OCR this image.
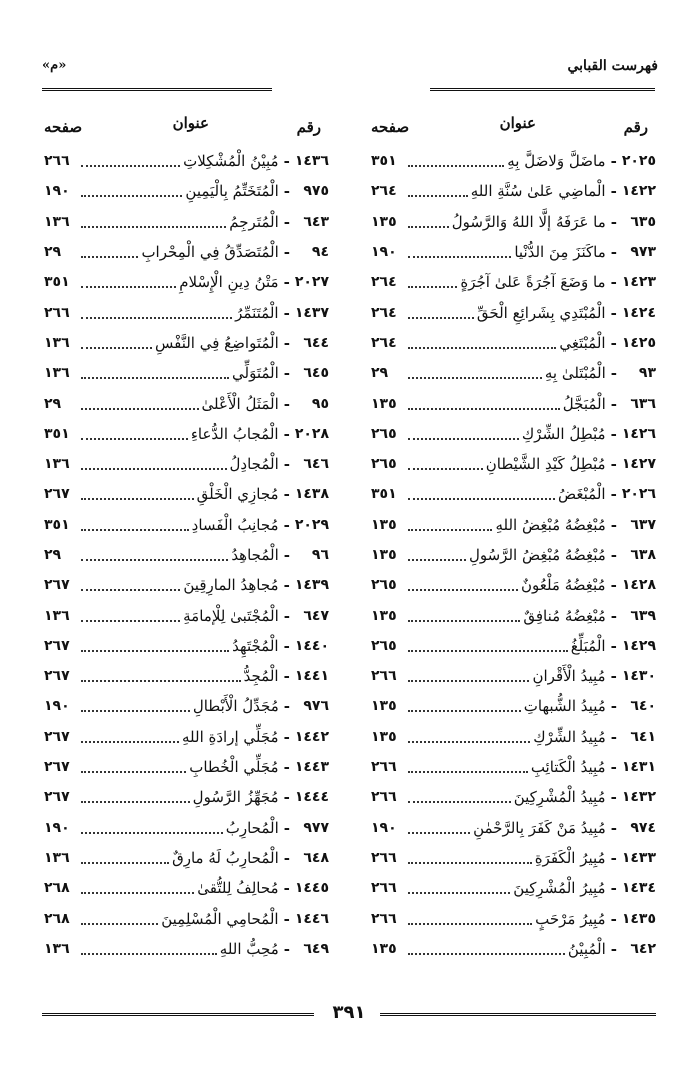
فهرست القبابي
«م»
رقم
عنوان
صفحه
٢٠٢٥
-
ماضَلَّ وَلاضَلَّ بِهِ
٣٥١
١٤٢٢
-
الْماضِي عَلىٰ سُنَّةِ اللهِ
٢٦٤
٦٣٥
-
ما عَرَفَهُ إلَّا اللهُ وَالرَّسُولُ
١٣٥
٩٧٣
-
ماكَنَزَ مِنَ الدُّنْيا
١٩٠
١٤٢٣
-
ما وَضَعَ آجُرَةً عَلىٰ آجُرَةٍ
٢٦٤
١٤٢٤
-
الْمُبْتَدِي بِشَرائِعِ الْحَقِّ
٢٦٤
١٤٢٥
-
الْمُبْتَغِي
٢٦٤
٩٣
-
الْمُبْتَلىٰ بِهِ
٢٩
٦٣٦
-
الْمُبَجَّلُ
١٣٥
١٤٢٦
-
مُبْطِلُ الشِّرْكِ
٢٦٥
١٤٢٧
-
مُبْطِلُ كَيْدِ الشَّيْطانِ
٢٦٥
٢٠٢٦
-
الْمُبْغَضُ
٣٥١
٦٣٧
-
مُبْغِضُهُ مُبْغِضُ اللهِ
١٣٥
٦٣٨
-
مُبْغِضُهُ مُبْغِضُ الرَّسُولِ
١٣٥
١٤٢٨
-
مُبْغِضُهُ مَلْعُونٌ
٢٦٥
٦٣٩
-
مُبْغِضُهُ مُنافِقٌ
١٣٥
١٤٢٩
-
الْمُبَلِّغُ
٢٦٥
١٤٣٠
-
مُبِيدُ الْأَقْرانِ
٢٦٦
٦٤٠
-
مُبِيدُ الشُّبهاتِ
١٣٥
٦٤١
-
مُبِيدُ الشِّرْكِ
١٣٥
١٤٣١
-
مُبِيدُ الْكَتائِبِ
٢٦٦
١٤٣٢
-
مُبِيدُ الْمُشْرِكِينَ
٢٦٦
٩٧٤
-
مُبِيدُ مَنْ كَفَرَ بِالرَّحْمٰنِ
١٩٠
١٤٣٣
-
مُبِيرُ الْكَفَرَةِ
٢٦٦
١٤٣٤
-
مُبِيرُ الْمُشْرِكِينَ
٢٦٦
١٤٣٥
-
مُبِيرُ مَرْحَبٍ
٢٦٦
٦٤٢
-
الْمُبِيْنُ
١٣٥
رقم
عنوان
صفحه
١٤٣٦
-
مُبِيْنُ الْمُشْكِلاتِ
٢٦٦
٩٧٥
-
الْمُتَخَتِّمُ بِالْيَمِينِ
١٩٠
٦٤٣
-
الْمُتَرجِمُ
١٣٦
٩٤
-
الْمُتَصَدِّقُ فِي الْمِحْرابِ
٢٩
٢٠٢٧
-
مَتْنُ دِينِ الْإِسْلامِ
٣٥١
١٤٣٧
-
الْمُتَنَمِّرُ
٢٦٦
٦٤٤
-
الْمُتَواضِعُ فِي النَّفْسِ
١٣٦
٦٤٥
-
الْمُتَوَلِّي
١٣٦
٩٥
-
الْمَثَلُ الْأَعْلىٰ
٢٩
٢٠٢٨
-
الْمُجابُ الدُّعاءِ
٣٥١
٦٤٦
-
الْمُجادِلُ
١٣٦
١٤٣٨
-
مُجازِي الْخَلْقِ
٢٦٧
٢٠٢٩
-
مُجانِبُ الْفَسادِ
٣٥١
٩٦
-
الْمُجاهِدُ
٢٩
١٤٣٩
-
مُجاهِدُ المارِقِينَ
٢٦٧
٦٤٧
-
الْمُجْتَبىٰ لِلْإمامَةِ
١٣٦
١٤٤٠
-
الْمُجْتَهِدُ
٢٦٧
١٤٤١
-
الْمُجِدُّ
٢٦٧
٩٧٦
-
مُجَدِّلُ الْأَبْطالِ
١٩٠
١٤٤٢
-
مُجَلِّي إرادَةِ اللهِ
٢٦٧
١٤٤٣
-
مُجَلِّي الْخُطابِ
٢٦٧
١٤٤٤
-
مُجَهِّزُ الرَّسُولِ
٢٦٧
٩٧٧
-
الْمُحارِبُ
١٩٠
٦٤٨
-
الْمُحارِبُ لَهُ مارِقٌ
١٣٦
١٤٤٥
-
مُحالِفُ لِلتُّقىٰ
٢٦٨
١٤٤٦
-
الْمُحامِي الْمُسْلِمِينَ
٢٦٨
٦٤٩
-
مُحِبُّ اللهِ
١٣٦
٣٩١
